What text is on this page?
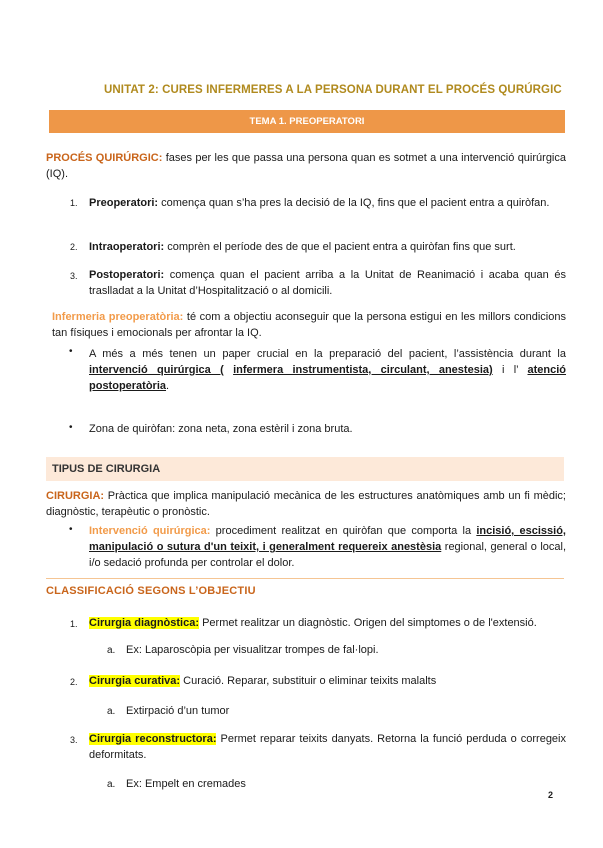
UNITAT 2: CURES INFERMERES A LA PERSONA DURANT EL PROCÉS QURÚRGIC
TEMA 1. PREOPERATORI
PROCÉS QUIRÚRGIC: fases per les que passa una persona quan es sotmet a una intervenció quirúrgica (IQ).
1. Preoperatori: comença quan s’ha pres la decisió de la IQ, fins que el pacient entra a quiròfan.
2. Intraoperatori: comprèn el període des de que el pacient entra a quiròfan fins que surt.
3. Postoperatori: comença quan el pacient arriba a la Unitat de Reanimació i acaba quan és traslladat a la Unitat d’Hospitalització o al domicili.
Infermeria preoperatòria: té com a objectiu aconseguir que la persona estigui en les millors condicions tan físiques i emocionals per afrontar la IQ.
• A més a més tenen un paper crucial en la preparació del pacient, l’assistència durant la intervenció quirúrgica ( infermera instrumentista, circulant, anestesia) i l’ atenció postoperatòria.
• Zona de quiròfan: zona neta, zona estèril i zona bruta.
TIPUS DE CIRURGIA
CIRURGIA: Pràctica que implica manipulació mecànica de les estructures anatòmiques amb un fi mèdic; diagnòstic, terapèutic o pronòstic.
• Intervenció quirúrgica: procediment realitzat en quiròfan que comporta la incisió, escissió, manipulació o sutura d'un teixit, i generalment requereix anestèsia regional, general o local, i/o sedació profunda per controlar el dolor.
CLASSIFICACIÓ SEGONS L’OBJECTIU
1. Cirurgia diagnòstica: Permet realitzar un diagnòstic. Origen del simptomes o de l'extensió.
a. Ex: Laparoscòpia per visualitzar trompes de fal·lopi.
2. Cirurgia curativa: Curació. Reparar, substituir o eliminar teixits malalts
a. Extirpació d’un tumor
3. Cirurgia reconstructora: Permet reparar teixits danyats. Retorna la funció perduda o corregeix deformitats.
a. Ex: Empelt en cremades
2
